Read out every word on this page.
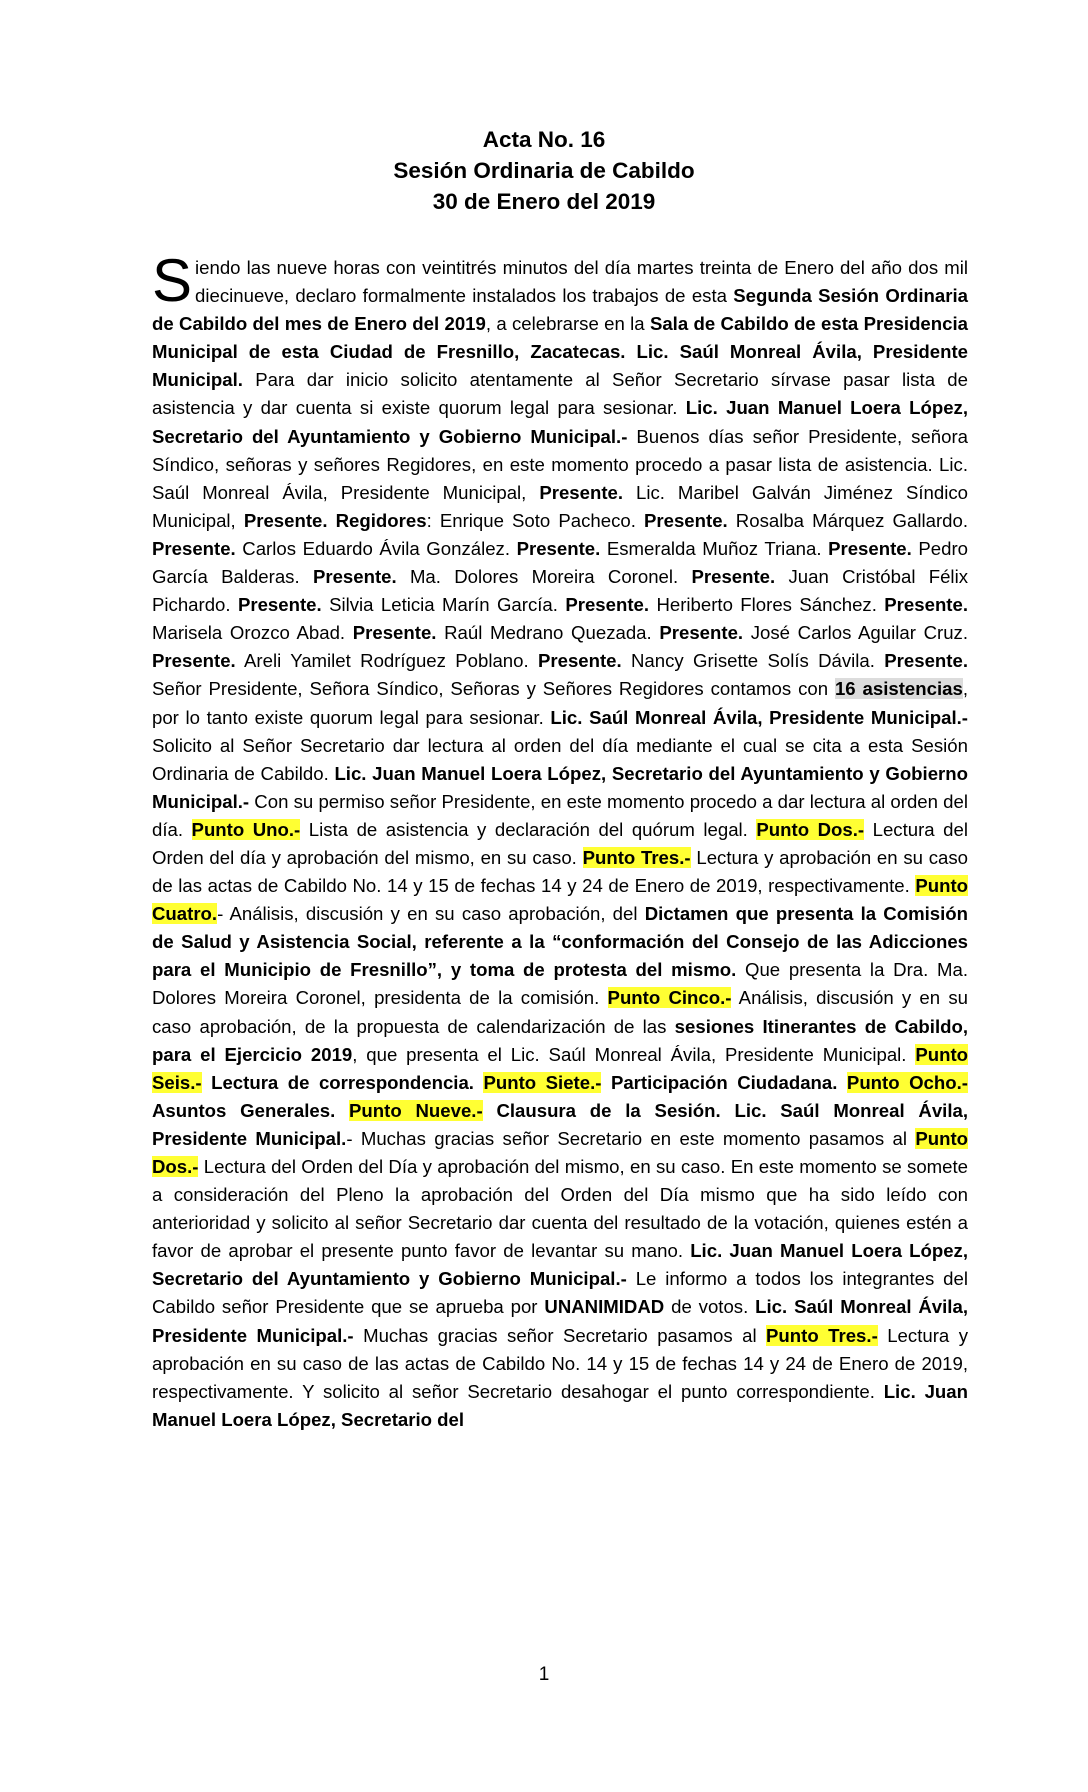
Acta No. 16
Sesión Ordinaria de Cabildo
30 de Enero del 2019

Siendo las nueve horas con veintitrés minutos del día martes treinta de Enero del año dos mil diecinueve, declaro formalmente instalados los trabajos de esta Segunda Sesión Ordinaria de Cabildo del mes de Enero del 2019, a celebrarse en la Sala de Cabildo de esta Presidencia Municipal de esta Ciudad de Fresnillo, Zacatecas. Lic. Saúl Monreal Ávila, Presidente Municipal. Para dar inicio solicito atentamente al Señor Secretario sírvase pasar lista de asistencia y dar cuenta si existe quorum legal para sesionar. Lic. Juan Manuel Loera López, Secretario del Ayuntamiento y Gobierno Municipal.- Buenos días señor Presidente, señora Síndico, señoras y señores Regidores, en este momento procedo a pasar lista de asistencia. Lic. Saúl Monreal Ávila, Presidente Municipal, Presente. Lic. Maribel Galván Jiménez Síndico Municipal, Presente. Regidores: Enrique Soto Pacheco. Presente. Rosalba Márquez Gallardo. Presente. Carlos Eduardo Ávila González. Presente. Esmeralda Muñoz Triana. Presente. Pedro García Balderas. Presente. Ma. Dolores Moreira Coronel. Presente. Juan Cristóbal Félix Pichardo. Presente. Silvia Leticia Marín García. Presente. Heriberto Flores Sánchez. Presente. Marisela Orozco Abad. Presente. Raúl Medrano Quezada. Presente. José Carlos Aguilar Cruz. Presente. Areli Yamilet Rodríguez Poblano. Presente. Nancy Grisette Solís Dávila. Presente. Señor Presidente, Señora Síndico, Señoras y Señores Regidores contamos con 16 asistencias, por lo tanto existe quorum legal para sesionar. Lic. Saúl Monreal Ávila, Presidente Municipal.- Solicito al Señor Secretario dar lectura al orden del día mediante el cual se cita a esta Sesión Ordinaria de Cabildo. Lic. Juan Manuel Loera López, Secretario del Ayuntamiento y Gobierno Municipal.- Con su permiso señor Presidente, en este momento procedo a dar lectura al orden del día. Punto Uno.- Lista de asistencia y declaración del quórum legal. Punto Dos.- Lectura del Orden del día y aprobación del mismo, en su caso. Punto Tres.- Lectura y aprobación en su caso de las actas de Cabildo No. 14 y 15 de fechas 14 y 24 de Enero de 2019, respectivamente. Punto Cuatro.- Análisis, discusión y en su caso aprobación, del Dictamen que presenta la Comisión de Salud y Asistencia Social, referente a la “conformación del Consejo de las Adicciones para el Municipio de Fresnillo”, y toma de protesta del mismo. Que presenta la Dra. Ma. Dolores Moreira Coronel, presidenta de la comisión. Punto Cinco.- Análisis, discusión y en su caso aprobación, de la propuesta de calendarización de las sesiones Itinerantes de Cabildo, para el Ejercicio 2019, que presenta el Lic. Saúl Monreal Ávila, Presidente Municipal. Punto Seis.- Lectura de correspondencia. Punto Siete.- Participación Ciudadana. Punto Ocho.- Asuntos Generales. Punto Nueve.- Clausura de la Sesión. Lic. Saúl Monreal Ávila, Presidente Municipal.- Muchas gracias señor Secretario en este momento pasamos al Punto Dos.- Lectura del Orden del Día y aprobación del mismo, en su caso. En este momento se somete a consideración del Pleno la aprobación del Orden del Día mismo que ha sido leído con anterioridad y solicito al señor Secretario dar cuenta del resultado de la votación, quienes estén a favor de aprobar el presente punto favor de levantar su mano. Lic. Juan Manuel Loera López, Secretario del Ayuntamiento y Gobierno Municipal.- Le informo a todos los integrantes del Cabildo señor Presidente que se aprueba por UNANIMIDAD de votos. Lic. Saúl Monreal Ávila, Presidente Municipal.- Muchas gracias señor Secretario pasamos al Punto Tres.- Lectura y aprobación en su caso de las actas de Cabildo No. 14 y 15 de fechas 14 y 24 de Enero de 2019, respectivamente. Y solicito al señor Secretario desahogar el punto correspondiente. Lic. Juan Manuel Loera López, Secretario del

1
